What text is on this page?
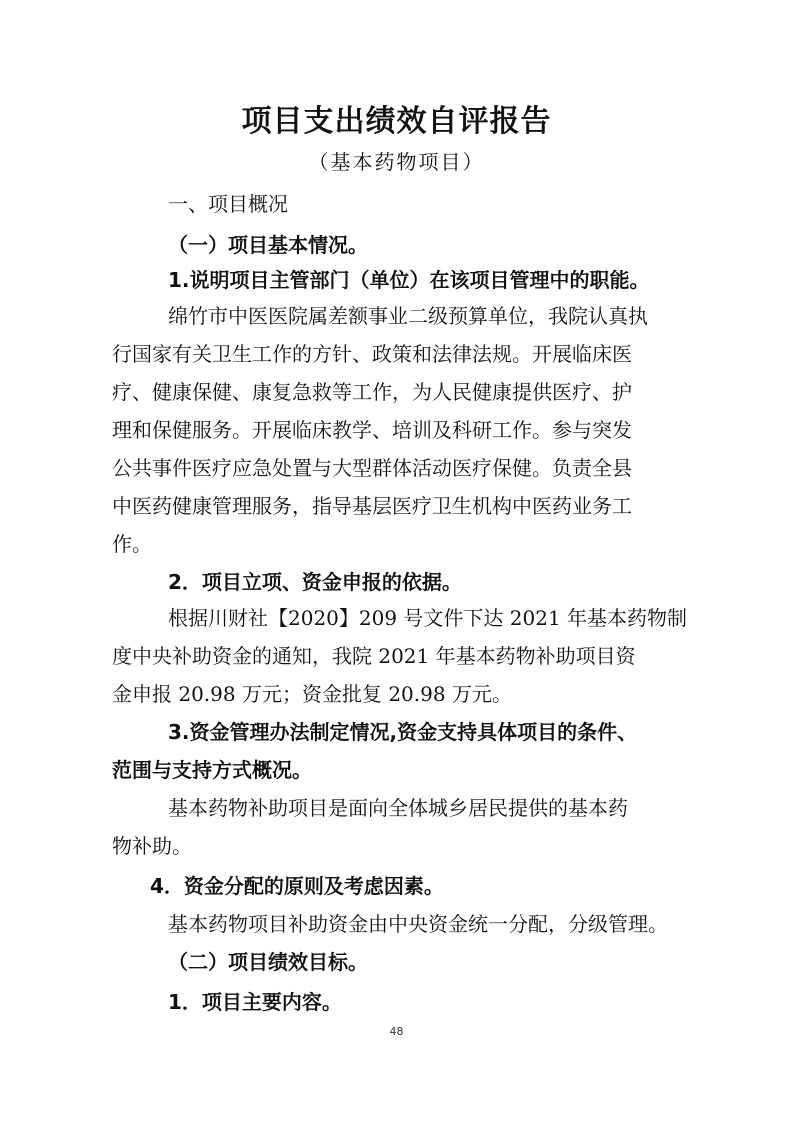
项目支出绩效自评报告
（基本药物项目）
一、项目概况
（一）项目基本情况。
1.说明项目主管部门（单位）在该项目管理中的职能。
绵竹市中医医院属差额事业二级预算单位，我院认真执
行国家有关卫生工作的方针、政策和法律法规。开展临床医
疗、健康保健、康复急救等工作，为人民健康提供医疗、护
理和保健服务。开展临床教学、培训及科研工作。参与突发
公共事件医疗应急处置与大型群体活动医疗保健。负责全县
中医药健康管理服务，指导基层医疗卫生机构中医药业务工
作。
2．项目立项、资金申报的依据。
根据川财社【2020】209 号文件下达 2021 年基本药物制
度中央补助资金的通知，我院 2021 年基本药物补助项目资
金申报 20.98 万元；资金批复 20.98 万元。
3.资金管理办法制定情况,资金支持具体项目的条件、
范围与支持方式概况。
基本药物补助项目是面向全体城乡居民提供的基本药
物补助。
4．资金分配的原则及考虑因素。
基本药物项目补助资金由中央资金统一分配，分级管理。
（二）项目绩效目标。
1．项目主要内容。
48
